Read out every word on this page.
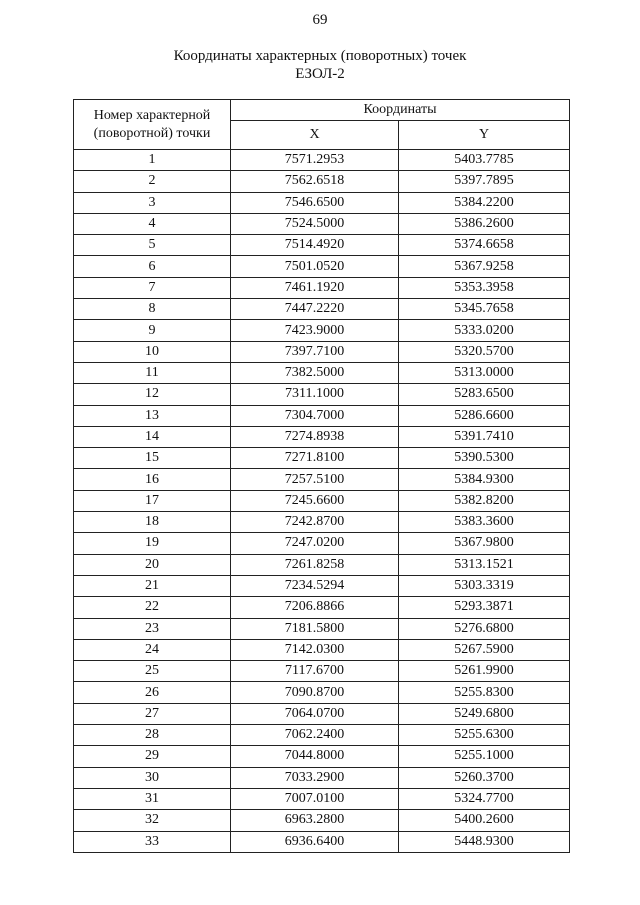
69
Координаты характерных (поворотных) точек
ЕЗОЛ-2
Номер характерной
(поворотной) точки	Координаты	
	X	Y
1	7571.2953	5403.7785
2	7562.6518	5397.7895
3	7546.6500	5384.2200
4	7524.5000	5386.2600
5	7514.4920	5374.6658
6	7501.0520	5367.9258
7	7461.1920	5353.3958
8	7447.2220	5345.7658
9	7423.9000	5333.0200
10	7397.7100	5320.5700
11	7382.5000	5313.0000
12	7311.1000	5283.6500
13	7304.7000	5286.6600
14	7274.8938	5391.7410
15	7271.8100	5390.5300
16	7257.5100	5384.9300
17	7245.6600	5382.8200
18	7242.8700	5383.3600
19	7247.0200	5367.9800
20	7261.8258	5313.1521
21	7234.5294	5303.3319
22	7206.8866	5293.3871
23	7181.5800	5276.6800
24	7142.0300	5267.5900
25	7117.6700	5261.9900
26	7090.8700	5255.8300
27	7064.0700	5249.6800
28	7062.2400	5255.6300
29	7044.8000	5255.1000
30	7033.2900	5260.3700
31	7007.0100	5324.7700
32	6963.2800	5400.2600
33	6936.6400	5448.9300
